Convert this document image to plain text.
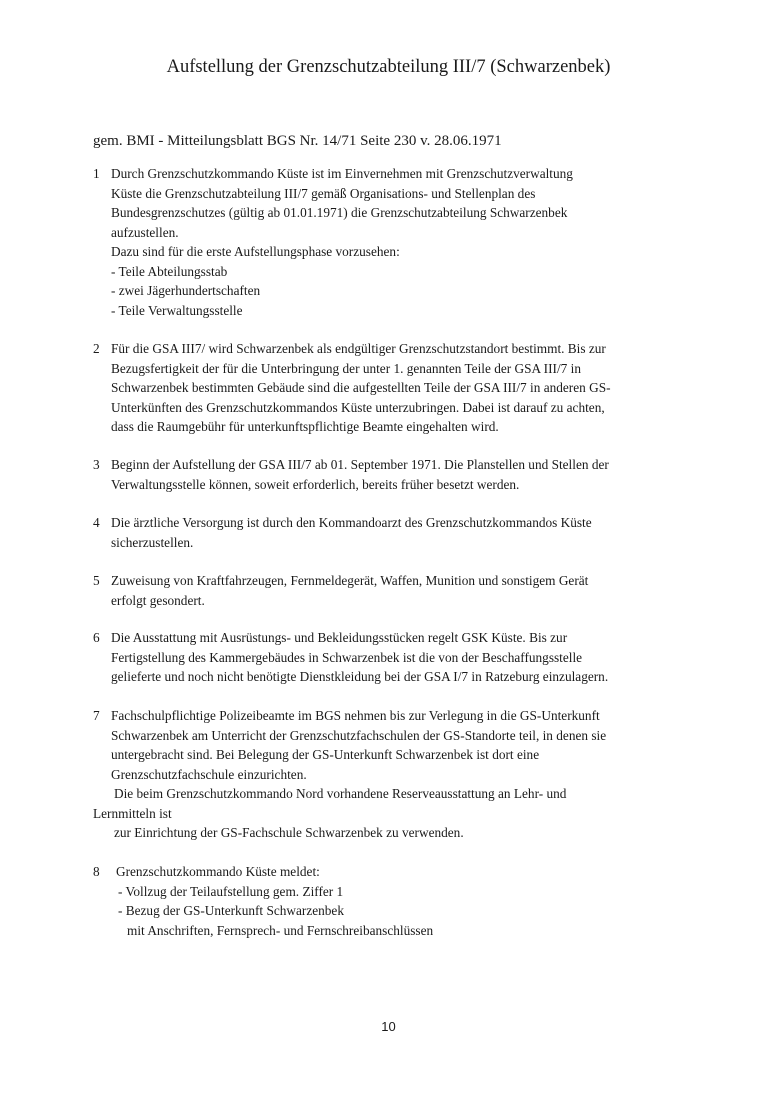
Aufstellung der Grenzschutzabteilung III/7 (Schwarzenbek)
gem. BMI - Mitteilungsblatt BGS Nr. 14/71 Seite 230 v. 28.06.1971
1 Durch Grenzschutzkommando Küste ist im Einvernehmen mit Grenzschutzverwaltung
Küste die Grenzschutzabteilung III/7 gemäß Organisations- und Stellenplan des
Bundesgrenzschutzes (gültig ab 01.01.1971) die Grenzschutzabteilung Schwarzenbek
aufzustellen.
Dazu sind für die erste Aufstellungsphase vorzusehen:
- Teile Abteilungsstab
- zwei Jägerhundertschaften
- Teile Verwaltungsstelle
2 Für die GSA III7/ wird Schwarzenbek als endgültiger Grenzschutzstandort bestimmt. Bis zur
Bezugsfertigkeit der für die Unterbringung der unter 1. genannten Teile der GSA III/7 in
Schwarzenbek bestimmten Gebäude sind die aufgestellten Teile der GSA III/7 in anderen GS-
Unterkünften des Grenzschutzkommandos Küste unterzubringen. Dabei ist darauf zu achten,
dass die Raumgebühr für unterkunftspflichtige Beamte eingehalten wird.
3 Beginn der Aufstellung der GSA III/7 ab 01. September 1971. Die Planstellen und Stellen der
Verwaltungsstelle können, soweit erforderlich, bereits früher besetzt werden.
4 Die ärztliche Versorgung ist durch den Kommandoarzt des Grenzschutzkommandos Küste
sicherzustellen.
5 Zuweisung von Kraftfahrzeugen, Fernmeldegerät, Waffen, Munition und sonstigem Gerät
erfolgt gesondert.
6 Die Ausstattung mit Ausrüstungs- und Bekleidungsstücken regelt GSK Küste. Bis zur
Fertigstellung des Kammergebäudes in Schwarzenbek ist die von der Beschaffungsstelle
gelieferte und noch nicht benötigte Dienstkleidung bei der GSA I/7 in Ratzeburg einzulagern.
7 Fachschulpflichtige Polizeibeamte im BGS nehmen bis zur Verlegung in die GS-Unterkunft
Schwarzenbek am Unterricht der Grenzschutzfachschulen der GS-Standorte teil, in denen sie
untergebracht sind. Bei Belegung der GS-Unterkunft Schwarzenbek ist dort eine
Grenzschutzfachschule einzurichten.
Die beim Grenzschutzkommando Nord vorhandene Reserveausstattung an Lehr- und
Lernmitteln ist
zur Einrichtung der GS-Fachschule Schwarzenbek zu verwenden.
8	Grenzschutzkommando Küste meldet:
- Vollzug der Teilaufstellung gem. Ziffer 1
- Bezug der GS-Unterkunft Schwarzenbek
mit Anschriften, Fernsprech- und Fernschreibanschlüssen
10
